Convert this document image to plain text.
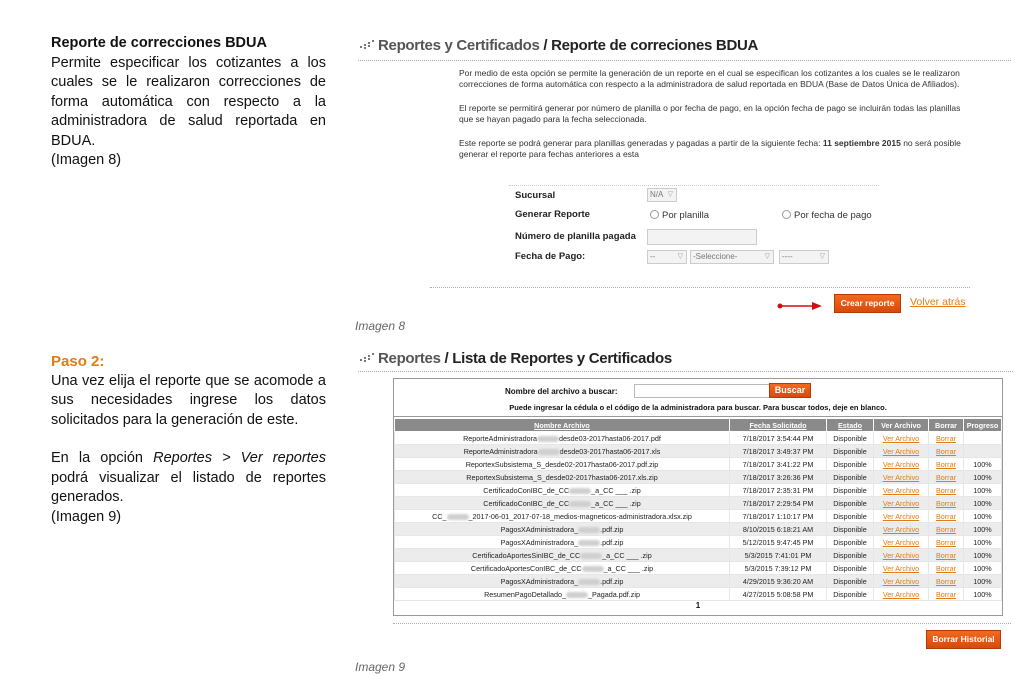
Reporte de correcciones BDUA

Permite especificar los cotizantes a los cuales se le realizaron correcciones de forma automática con respecto a la administradora de salud reportada en BDUA.

(Imagen 8)
Paso 2:

Una vez elija el reporte que se acomode a sus necesidades ingrese los datos solicitados para la generación de este.

En la opción Reportes > Ver reportes podrá visualizar el listado de reportes generados.

(Imagen 9)
Reportes y Certificados / Reporte de correciones BDUA
Por medio de esta opción se permite la generación de un reporte en el cual se especifican los cotizantes a los cuales se le realizaron correcciones de forma automática con respecto a la administradora de salud reportada en BDUA (Base de Datos Única de Afiliados).
El reporte se permitirá generar por número de planilla o por fecha de pago, en la opción fecha de pago se incluirán todas las planillas que se hayan pagado para la fecha seleccionada.
Este reporte se podrá generar para planillas generadas y pagadas a partir de la siguiente fecha: 11 septiembre 2015 no será posible generar el reporte para fechas anteriores a esta
Sucursal	N/A ▽
Generar Reporte	Por planilla	Por fecha de pago
Número de planilla pagada
Fecha de Pago:	--	▽	-Seleccione-	▽	----	▽
Crear reporte	Volver atrás
Imagen 8
Reportes / Lista de Reportes y Certificados
Nombre del archivo a buscar:	Buscar
Puede ingresar la cédula o el código de la administradora para buscar. Para buscar todos, deje en blanco.
Nombre Archivo	Fecha Solicitado	Estado	Ver Archivo	Borrar	Progreso
ReporteAdministradora desde03-2017hasta06-2017.pdf	7/18/2017 3:54:44 PM	Disponible	Ver Archivo	Borrar	
ReporteAdministradora desde03-2017hasta06-2017.xls	7/18/2017 3:49:37 PM	Disponible	Ver Archivo	Borrar	
ReportexSubsistema_S_desde02-2017hasta06-2017.pdf.zip	7/18/2017 3:41:22 PM	Disponible	Ver Archivo	Borrar	100%
ReportexSubsistema_S_desde02-2017hasta06-2017.xls.zip	7/18/2017 3:26:36 PM	Disponible	Ver Archivo	Borrar	100%
CertificadoConIBC_de_CC _a_CC ___ .zip	7/18/2017 2:35:31 PM	Disponible	Ver Archivo	Borrar	100%
CertificadoConIBC_de_CC _a_CC ___ .zip	7/18/2017 2:29:54 PM	Disponible	Ver Archivo	Borrar	100%
CC_ _2017-06-01_2017-07-18_medios-magneticos-administradora.xlsx.zip	7/18/2017 1:10:17 PM	Disponible	Ver Archivo	Borrar	100%
PagosXAdministradora_ .pdf.zip	8/10/2015 6:18:21 AM	Disponible	Ver Archivo	Borrar	100%
PagosXAdministradora_ .pdf.zip	5/12/2015 9:47:45 PM	Disponible	Ver Archivo	Borrar	100%
CertificadoAportesSinIBC_de_CC _a_CC ___ .zip	5/3/2015 7:41:01 PM	Disponible	Ver Archivo	Borrar	100%
CertificadoAportesConIBC_de_CC _a_CC ___ .zip	5/3/2015 7:39:12 PM	Disponible	Ver Archivo	Borrar	100%
PagosXAdministradora_ .pdf.zip	4/29/2015 9:36:20 AM	Disponible	Ver Archivo	Borrar	100%
ResumenPagoDetallado_ _Pagada.pdf.zip	4/27/2015 5:08:58 PM	Disponible	Ver Archivo	Borrar	100%
1
Borrar Historial
Imagen 9
